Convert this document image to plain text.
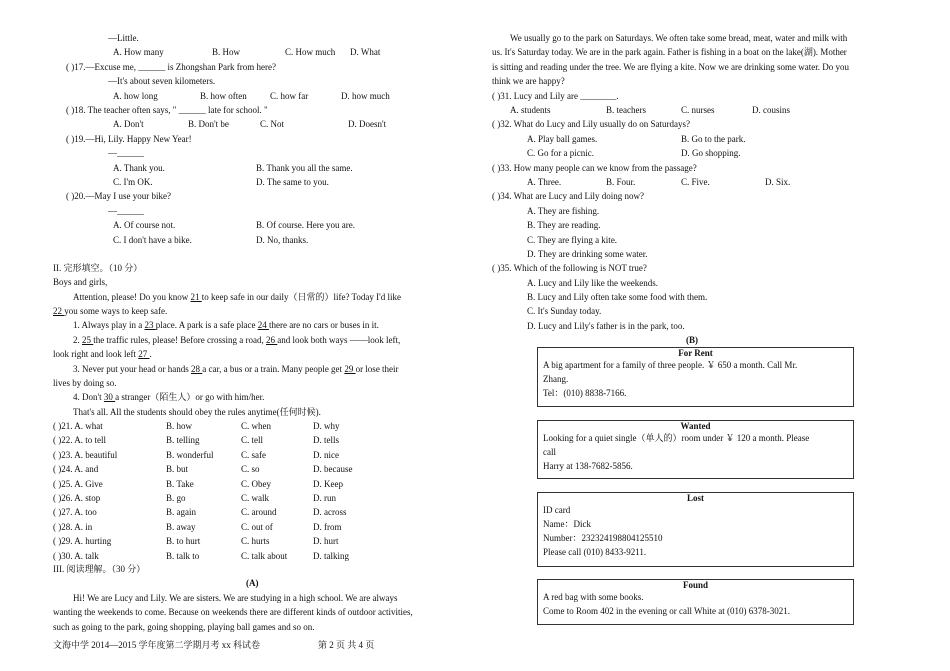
—Little.
A. How many	B. How	C. How much D. What
( )17.—Excuse me, ______ is Zhongshan Park from here?
—It's about seven kilometers.
A. how long	B. how often	C. how far	D. how much
( )18. The teacher often says, " ______ late for school. "
A. Don't	B. Don't be	C. Not	D. Doesn't
( )19.—Hi, Lily. Happy New Year!
—______
A. Thank you.	B. Thank you all the same.
C. I'm OK.	D. The same to you.
( )20.—May I use your bike?
—______
A. Of course not.	B. Of course. Here you are.
C. I don't have a bike.	D. No, thanks.
II. 完形填空。（10 分）
Boys and girls,
Attention, please! Do you know 21 to keep safe in our daily（日常的）life? Today I'd like
22 you some ways to keep safe.
1. Always play in a 23 place. A park is a safe place 24 there are no cars or buses in it.
2. 25 the traffic rules, please! Before crossing a road, 26 and look both ways ——look left,
look right and look left 27 .
3. Never put your head or hands 28 a car, a bus or a train. Many people get 29 or lose their
lives by doing so.
4. Don't 30 a stranger（陌生人）or go with him/her.
That's all. All the students should obey the rules anytime(任何时候).
( )21. A. what	B. how	C. when	D. why
( )22. A. to tell	B. telling	C. tell	D. tells
( )23. A. beautiful	B. wonderful	C. safe	D. nice
( )24. A. and	B. but	C. so	D. because
( )25. A. Give	B. Take	C. Obey	D. Keep
( )26. A. stop	B. go	C. walk	D. run
( )27. A. too	B. again	C. around	D. across
( )28. A. in	B. away	C. out of	D. from
( )29. A. hurting	B. to hurt	C. hurts	D. hurt
( )30. A. talk	B. talk to	C. talk about	D. talking
III. 阅读理解。（30 分）
(A)
Hi! We are Lucy and Lily. We are sisters. We are studying in a high school. We are always
wanting the weekends to come. Because on weekends there are different kinds of outdoor activities,
such as going to the park, going shopping, playing ball games and so on.
文海中学 2014—2015 学年度第二学期月考 xx 科试卷	第 2 页 共 4 页
We usually go to the park on Saturdays. We often take some bread, meat, water and milk with
us. It's Saturday today. We are in the park again. Father is fishing in a boat on the lake(湖). Mother
is sitting and reading under the tree. We are flying a kite. Now we are drinking some water. Do you
think we are happy?
( )31. Lucy and Lily are ________.
A. students	B. teachers	C. nurses	D. cousins
( )32. What do Lucy and Lily usually do on Saturdays?
A. Play ball games.	B. Go to the park.
C. Go for a picnic.	D. Go shopping.
( )33. How many people can we know from the passage?
A. Three.	B. Four.	C. Five.	D. Six.
( )34. What are Lucy and Lily doing now?
A. They are fishing.
B. They are reading.
C. They are flying a kite.
D. They are drinking some water.
( )35. Which of the following is NOT true?
A. Lucy and Lily like the weekends.
B. Lucy and Lily often take some food with them.
C. It's Sunday today.
D. Lucy and Lily's father is in the park, too.
(B)
For Rent
A big apartment for a family of three people. ￥ 650 a month. Call Mr.
Zhang.
Tel：(010) 8838-7166.
Wanted
Looking for a quiet single（单人的）room under ￥ 120 a month. Please
call
Harry at 138-7682-5856.
Lost
ID card
Name：Dick
Number：232324198804125510
Please call (010) 8433-9211.
Found
A red bag with some books.
Come to Room 402 in the evening or call White at (010) 6378-3021.
